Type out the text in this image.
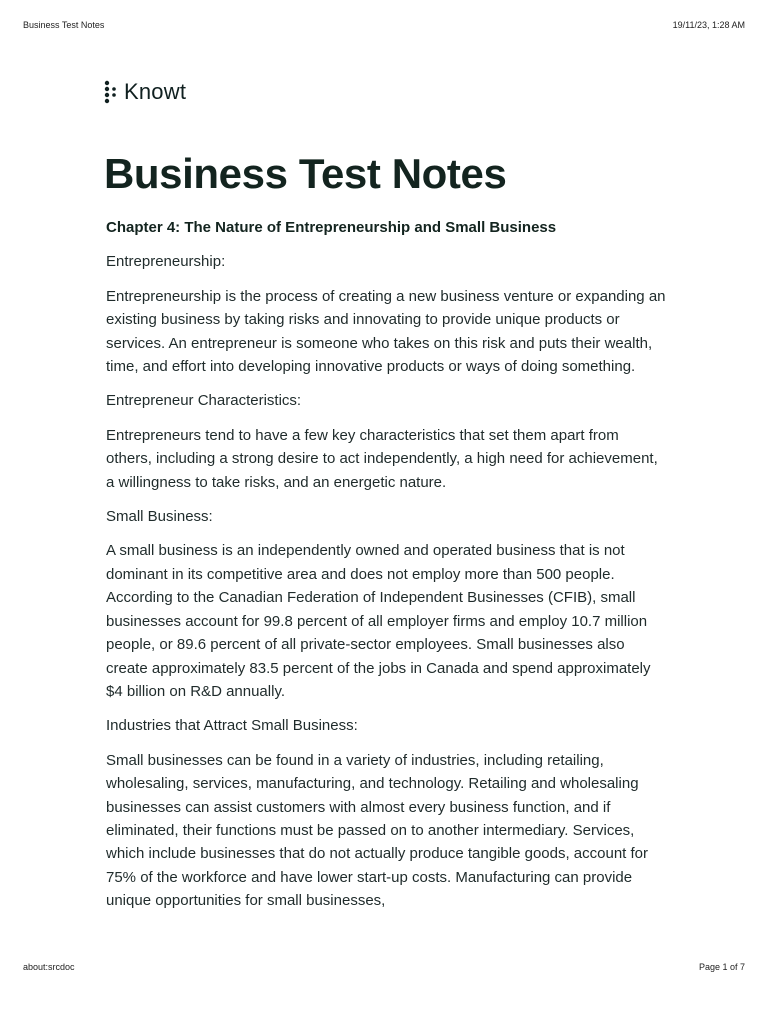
Business Test Notes	19/11/23, 1:28 AM
Knowt
Business Test Notes

Chapter 4: The Nature of Entrepreneurship and Small Business

Entrepreneurship:

Entrepreneurship is the process of creating a new business venture or expanding an existing business by taking risks and innovating to provide unique products or services. An entrepreneur is someone who takes on this risk and puts their wealth, time, and effort into developing innovative products or ways of doing something.

Entrepreneur Characteristics:

Entrepreneurs tend to have a few key characteristics that set them apart from others, including a strong desire to act independently, a high need for achievement, a willingness to take risks, and an energetic nature.

Small Business:

A small business is an independently owned and operated business that is not dominant in its competitive area and does not employ more than 500 people. According to the Canadian Federation of Independent Businesses (CFIB), small businesses account for 99.8 percent of all employer firms and employ 10.7 million people, or 89.6 percent of all private-sector employees. Small businesses also create approximately 83.5 percent of the jobs in Canada and spend approximately $4 billion on R&D annually.

Industries that Attract Small Business:

Small businesses can be found in a variety of industries, including retailing, wholesaling, services, manufacturing, and technology. Retailing and wholesaling businesses can assist customers with almost every business function, and if eliminated, their functions must be passed on to another intermediary. Services, which include businesses that do not actually produce tangible goods, account for 75% of the workforce and have lower start-up costs. Manufacturing can provide unique opportunities for small businesses,

about:srcdoc	Page 1 of 7
